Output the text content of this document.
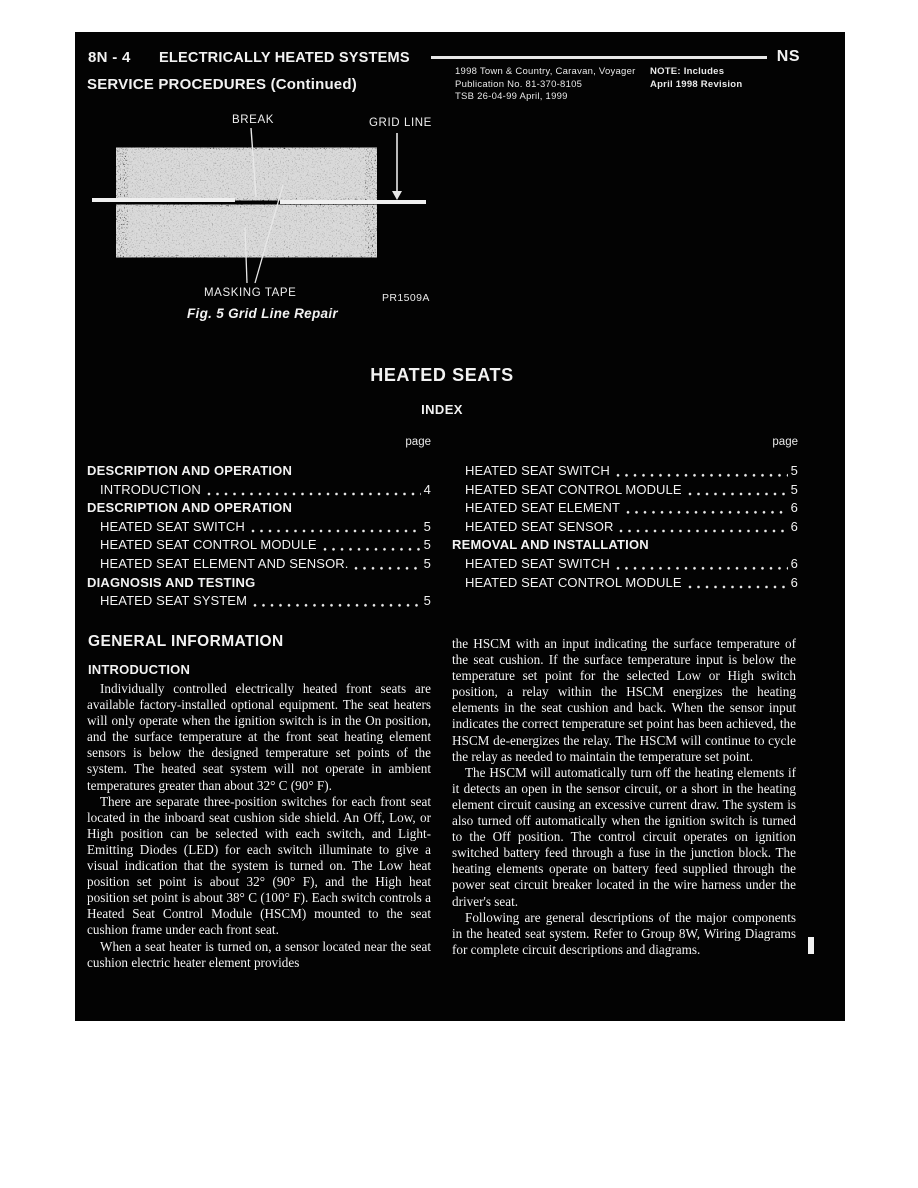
8N - 4 ELECTRICALLY HEATED SYSTEMS	NS
SERVICE PROCEDURES (Continued)
1998 Town & Country, Caravan, Voyager
Publication No. 81-370-8105
TSB 26-04-99 April, 1999
NOTE: Includes
April 1998 Revision
BREAK	GRID LINE
MASKING TAPE	PR1509A
Fig. 5 Grid Line Repair
HEATED SEATS
INDEX
page	page
DESCRIPTION AND OPERATION
INTRODUCTION	4
DESCRIPTION AND OPERATION
HEATED SEAT SWITCH	5
HEATED SEAT CONTROL MODULE	5
HEATED SEAT ELEMENT AND SENSOR.	5
DIAGNOSIS AND TESTING
HEATED SEAT SYSTEM	5
HEATED SEAT SWITCH	5
HEATED SEAT CONTROL MODULE	5
HEATED SEAT ELEMENT	6
HEATED SEAT SENSOR	6
REMOVAL AND INSTALLATION
HEATED SEAT SWITCH	6
HEATED SEAT CONTROL MODULE	6
GENERAL INFORMATION
INTRODUCTION

Individually controlled electrically heated front seats are available factory-installed optional equipment. The seat heaters will only operate when the ignition switch is in the On position, and the surface temperature at the front seat heating element sensors is below the designed temperature set points of the system. The heated seat system will not operate in ambient temperatures greater than about 32° C (90° F).

There are separate three-position switches for each front seat located in the inboard seat cushion side shield. An Off, Low, or High position can be selected with each switch, and Light-Emitting Diodes (LED) for each switch illuminate to give a visual indication that the system is turned on. The Low heat position set point is about 32° (90° F), and the High heat position set point is about 38° C (100° F). Each switch controls a Heated Seat Control Module (HSCM) mounted to the seat cushion frame under each front seat.

When a seat heater is turned on, a sensor located near the seat cushion electric heater element provides

the HSCM with an input indicating the surface temperature of the seat cushion. If the surface temperature input is below the temperature set point for the selected Low or High switch position, a relay within the HSCM energizes the heating elements in the seat cushion and back. When the sensor input indicates the correct temperature set point has been achieved, the HSCM de-energizes the relay. The HSCM will continue to cycle the relay as needed to maintain the temperature set point.

The HSCM will automatically turn off the heating elements if it detects an open in the sensor circuit, or a short in the heating element circuit causing an excessive current draw. The system is also turned off automatically when the ignition switch is turned to the Off position. The control circuit operates on ignition switched battery feed through a fuse in the junction block. The heating elements operate on battery feed supplied through the power seat circuit breaker located in the wire harness under the driver's seat.

Following are general descriptions of the major components in the heated seat system. Refer to Group 8W, Wiring Diagrams for complete circuit descriptions and diagrams.
